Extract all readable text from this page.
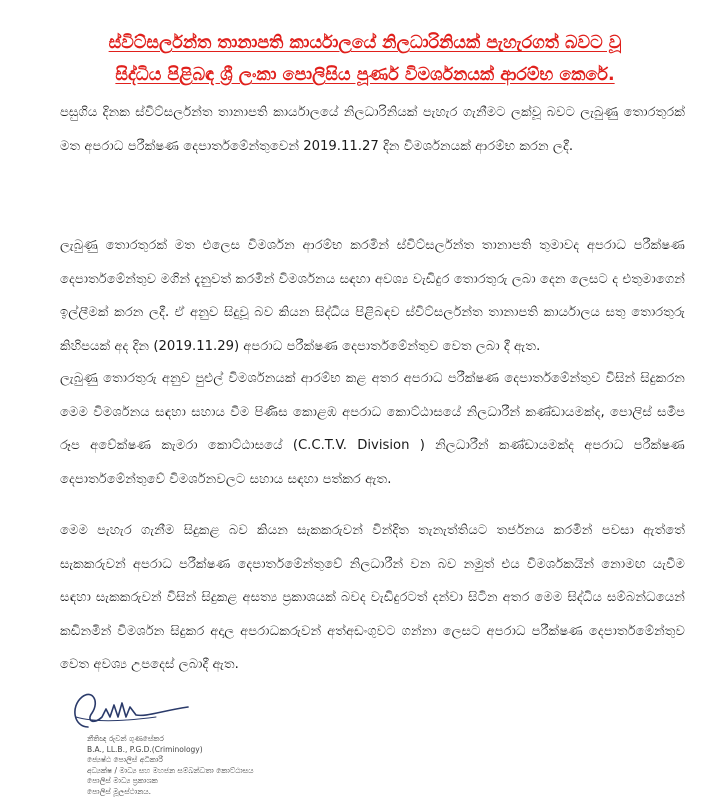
ස්විට්සර්ලන්ත තානාපති කාර්යාලයේ නිලධාරිනියක් පැහැරගත් බවට වූ
සිද්ධිය පිළිබඳ ශ්‍රී ලංකා පොලිසිය පූර්ණ විමර්ශනයක් ආරම්භ කෙරේ.

පසුගිය දිනක ස්විට්සර්ලන්ත තානාපති කාර්යාලයේ නිලධාරිනියක් පැහැර ගැනීමට ලක්වූ බවට ලැබුණු තොරතුරක් මත අපරාධ පරීක්ෂණ දෙපාර්තමේන්තුවෙන් 2019.11.27 දින විමර්ශනයක් ආරම්භ කරන ලදී.

ලැබුණු තොරතුරක් මත එලෙස විමර්ශන ආරම්භ කරමින් ස්විට්සර්ලන්ත තානාපති තුමාවද අපරාධ පරීක්ෂණ දෙපාර්තමේන්තුව මගින් දැනුවත් කරමින් විමර්ශනය සඳහා අවශ්‍ය වැඩිදුර තොරතුරු ලබා දෙන ලෙසට ද එතුමාගෙන් ඉල්ලීමක් කරන ලදී. ඒ අනුව සිදුවූ බව කියන සිද්ධිය පිළිබඳව ස්විට්සර්ලන්ත තානාපති කාර්යාලය සතු තොරතුරු කිහිපයක් අද දින (2019.11.29) අපරාධ පරීක්ෂණ දෙපාර්තමේන්තුව වෙත ලබා දී ඇත.

ලැබුණු තොරතුරු අනුව පුළුල් විමර්ශනයක් ආරම්භ කළ අතර අපරාධ පරීක්ෂණ දෙපාර්තමේන්තුව විසින් සිදුකරන මෙම විමර්ශනය සඳහා සහාය වීම පිණිස කොළඹ අපරාධ කොට්ඨාසයේ නිලධාරීන් කණ්ඩායමක්ද, පොලිස් සමීප රූප අවේක්ෂණ කැමරා කොට්ඨාසයේ (C.C.T.V. Division ) නිලධාරීන් කණ්ඩායමක්ද අපරාධ පරීක්ෂණ දෙපාර්තමේන්තුවේ විමර්ශනවලට සහාය සඳහා පත්කර ඇත.

මෙම පැහැර ගැනීම සිදුකළ බව කියන සැකකරුවන් වින්දිත තැනැත්තියට තර්ජනය කරමින් පවසා ඇත්තේ සැකකරුවන් අපරාධ පරීක්ෂණ දෙපාර්තමේන්තුවේ නිලධාරීන් වන බව නමුත් එය විමර්ශකයින් නොමඟ යැවීම සඳහා සැකකරුවන් විසින් සිදුකළ අසත්‍ය ප්‍රකාශයක් බවද වැඩිදුරටත් දන්වා සිටින අතර මෙම සිද්ධිය සම්බන්ධයෙන් කඩිනමින් විමර්ශන සිදුකර අදාල අපරාධකරුවන් අත්අඩංගුවට ගන්නා ලෙසට අපරාධ පරීක්ෂණ දෙපාර්තමේන්තුව වෙත අවශ්‍ය උපදෙස් ලබාදී ඇත.

නීතිඥ රුවන් ගුණසේකර
B.A., LL.B., P.G.D.(Criminology)
ජ්‍යෙෂ්ඨ පොලිස් අධිකාරී
අධ්‍යක්ෂ / මාධ්‍ය සහ මහජන සම්බන්ධතා කොට්ඨාසය
පොලිස් මාධ්‍ය ප්‍රකාශක
පොලිස් මූලස්ථානය.
